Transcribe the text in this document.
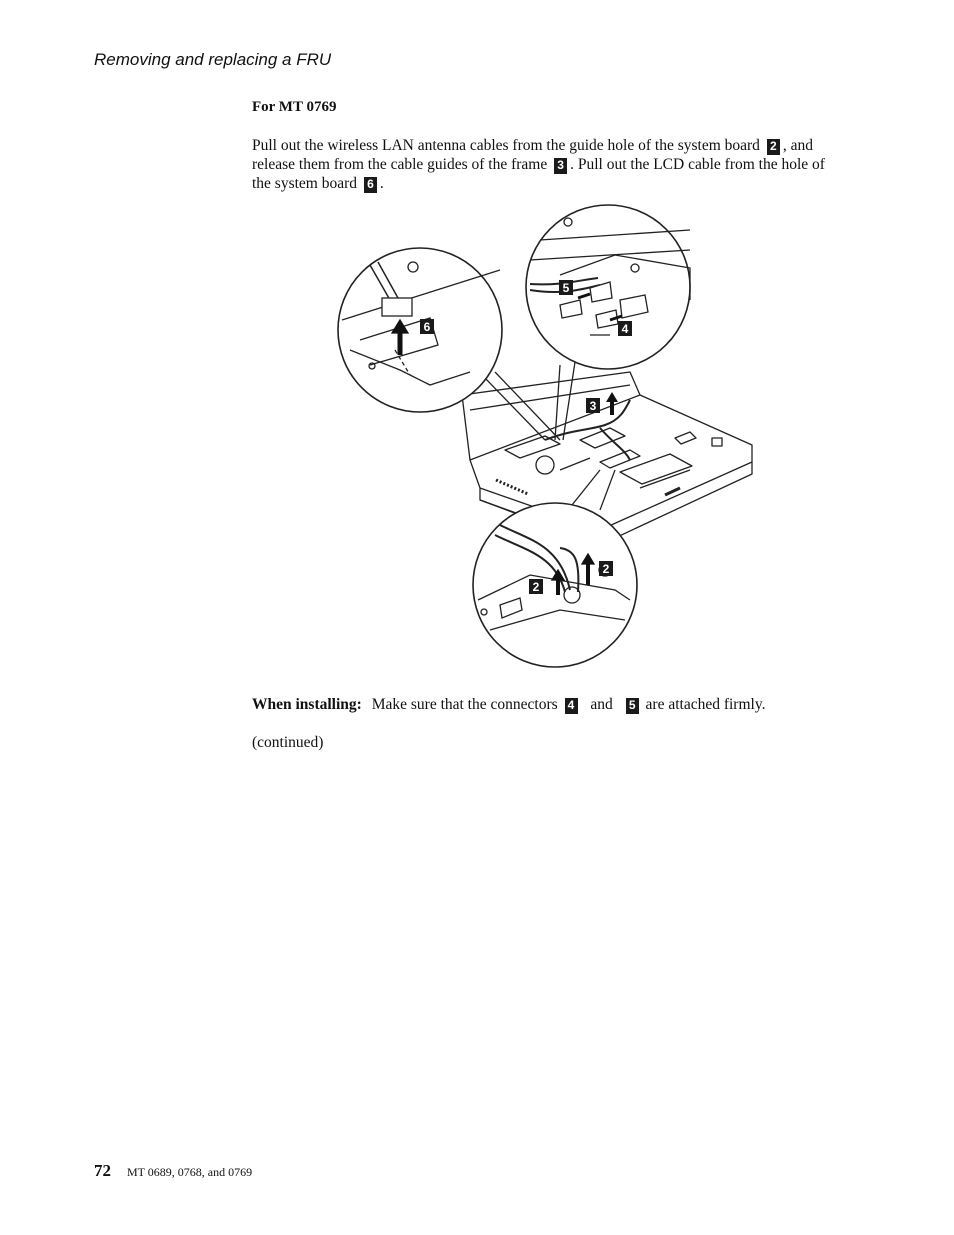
Removing and replacing a FRU
For MT 0769
Pull out the wireless LAN antenna cables from the guide hole of the system board 2 , and release them from the cable guides of the frame 3 . Pull out the LCD cable from the hole of the system board 6 .
6
5
4
3
2
2
When installing: Make sure that the connectors 4 and 5 are attached firmly.
(continued)
72 MT 0689, 0768, and 0769
